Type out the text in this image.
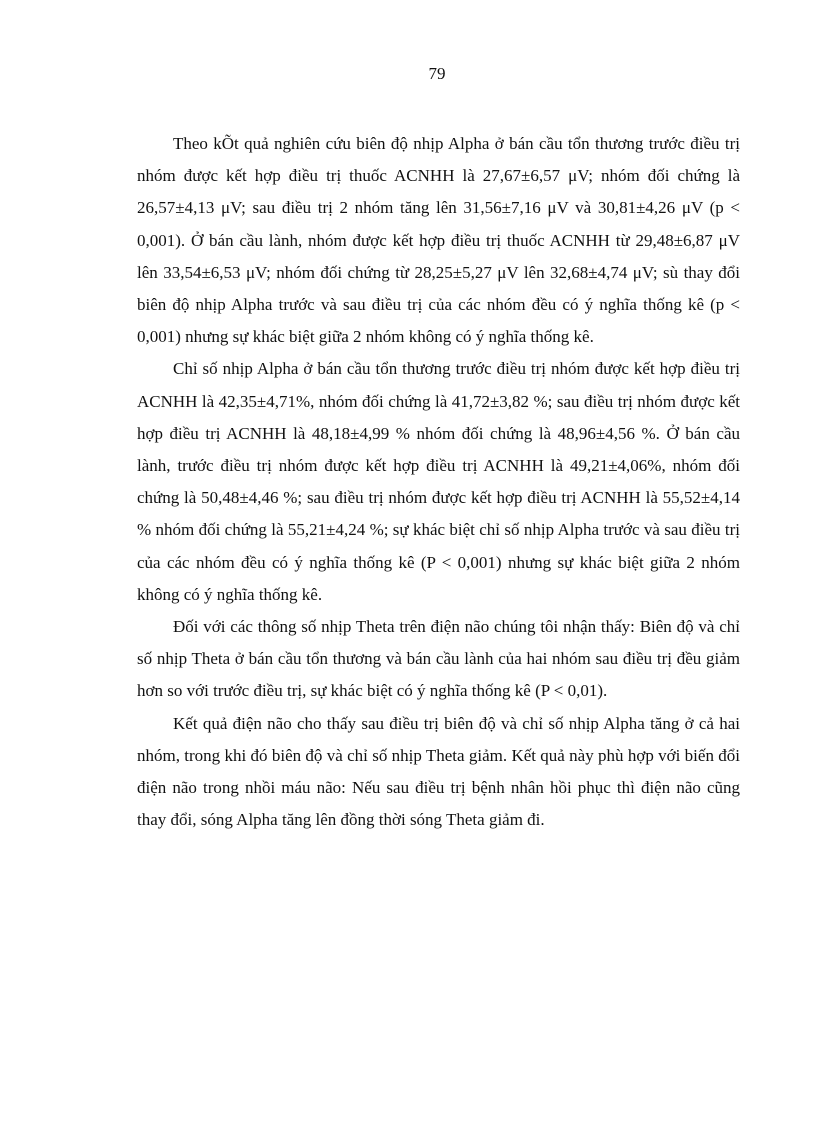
79

Theo kÕt quả nghiên cứu biên độ nhịp Alpha ở bán cầu tổn thương trước điều trị nhóm được kết hợp điều trị thuốc ACNHH là 27,67±6,57 μV; nhóm đối chứng là 26,57±4,13 μV; sau điều trị 2 nhóm tăng lên 31,56±7,16 μV và 30,81±4,26 μV (p < 0,001). Ở bán cầu lành, nhóm được kết hợp điều trị thuốc ACNHH từ 29,48±6,87 μV lên 33,54±6,53 μV; nhóm đối chứng từ 28,25±5,27 μV lên 32,68±4,74 μV; sù thay đổi biên độ nhịp Alpha trước và sau điều trị của các nhóm đều có ý nghĩa thống kê (p < 0,001) nhưng sự khác biệt giữa 2 nhóm không có ý nghĩa thống kê.

Chỉ số nhịp Alpha ở bán cầu tổn thương trước điều trị nhóm được kết hợp điều trị ACNHH là 42,35±4,71%, nhóm đối chứng là 41,72±3,82 %; sau điều trị nhóm được kết hợp điều trị ACNHH là 48,18±4,99 % nhóm đối chứng là 48,96±4,56 %. Ở bán cầu lành, trước điều trị nhóm được kết hợp điều trị ACNHH là 49,21±4,06%, nhóm đối chứng là 50,48±4,46 %; sau điều trị nhóm được kết hợp điều trị ACNHH là 55,52±4,14 % nhóm đối chứng là 55,21±4,24 %; sự khác biệt chỉ số nhịp Alpha trước và sau điều trị của các nhóm đều có ý nghĩa thống kê (P < 0,001) nhưng sự khác biệt giữa 2 nhóm không có ý nghĩa thống kê.

Đối với các thông số nhịp Theta trên điện não chúng tôi nhận thấy: Biên độ và chỉ số nhịp Theta ở bán cầu tổn thương và bán cầu lành của hai nhóm sau điều trị đều giảm hơn so với trước điều trị, sự khác biệt có ý nghĩa thống kê (P < 0,01).

Kết quả điện não cho thấy sau điều trị biên độ và chỉ số nhịp Alpha tăng ở cả hai nhóm, trong khi đó biên độ và chỉ số nhịp Theta giảm. Kết quả này phù hợp với biến đổi điện não trong nhồi máu não: Nếu sau điều trị bệnh nhân hồi phục thì điện não cũng thay đổi, sóng Alpha tăng lên đồng thời sóng Theta giảm đi.
